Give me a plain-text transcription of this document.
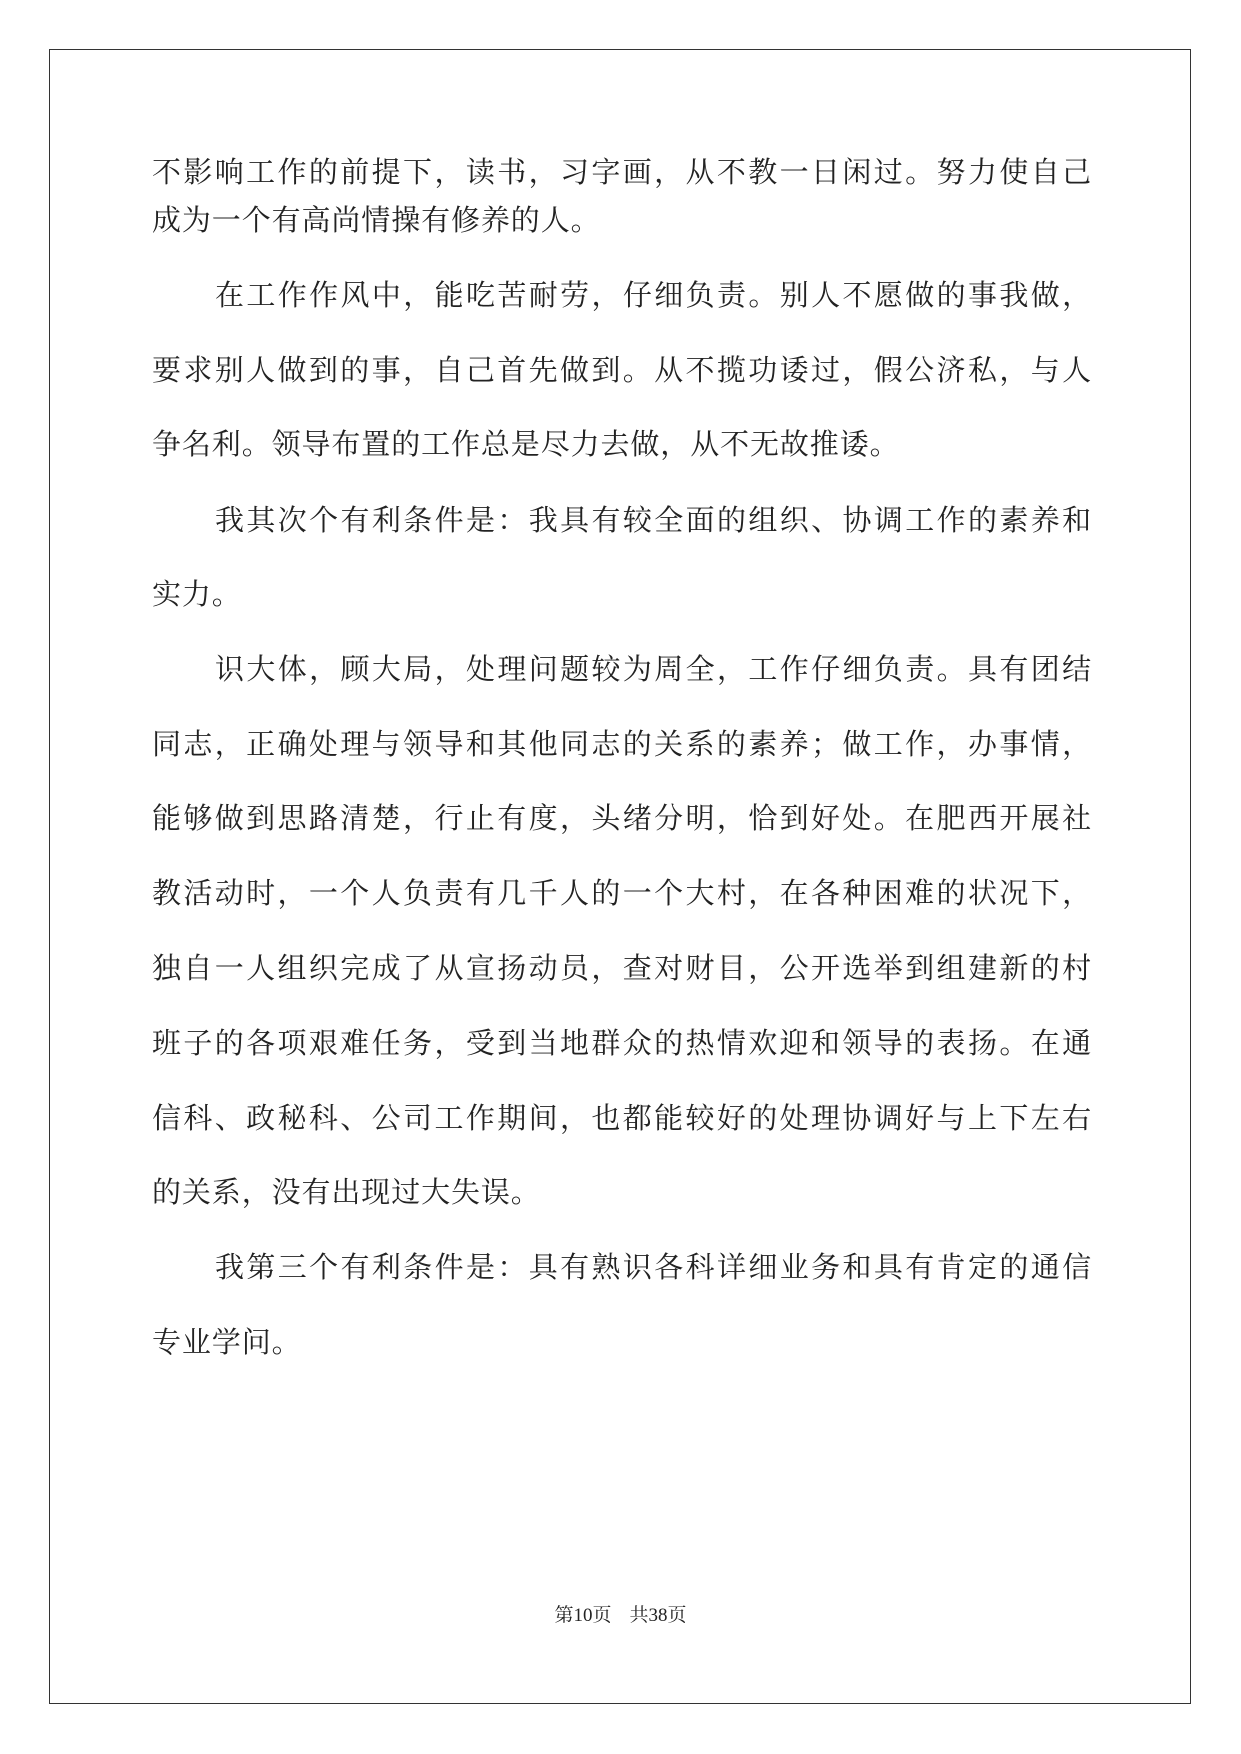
不影响工作的前提下，读书，习字画，从不教一日闲过。努力使自己
成为一个有高尚情操有修养的人。
在工作作风中，能吃苦耐劳，仔细负责。别人不愿做的事我做，
要求别人做到的事，自己首先做到。从不揽功诿过，假公济私，与人
争名利。领导布置的工作总是尽力去做，从不无故推诿。
我其次个有利条件是：我具有较全面的组织、协调工作的素养和
实力。
识大体，顾大局，处理问题较为周全，工作仔细负责。具有团结
同志，正确处理与领导和其他同志的关系的素养；做工作，办事情，
能够做到思路清楚，行止有度，头绪分明，恰到好处。在肥西开展社
教活动时，一个人负责有几千人的一个大村，在各种困难的状况下，
独自一人组织完成了从宣扬动员，查对财目，公开选举到组建新的村
班子的各项艰难任务，受到当地群众的热情欢迎和领导的表扬。在通
信科、政秘科、公司工作期间，也都能较好的处理协调好与上下左右
的关系，没有出现过大失误。
我第三个有利条件是：具有熟识各科详细业务和具有肯定的通信
专业学问。
第10页 共38页
